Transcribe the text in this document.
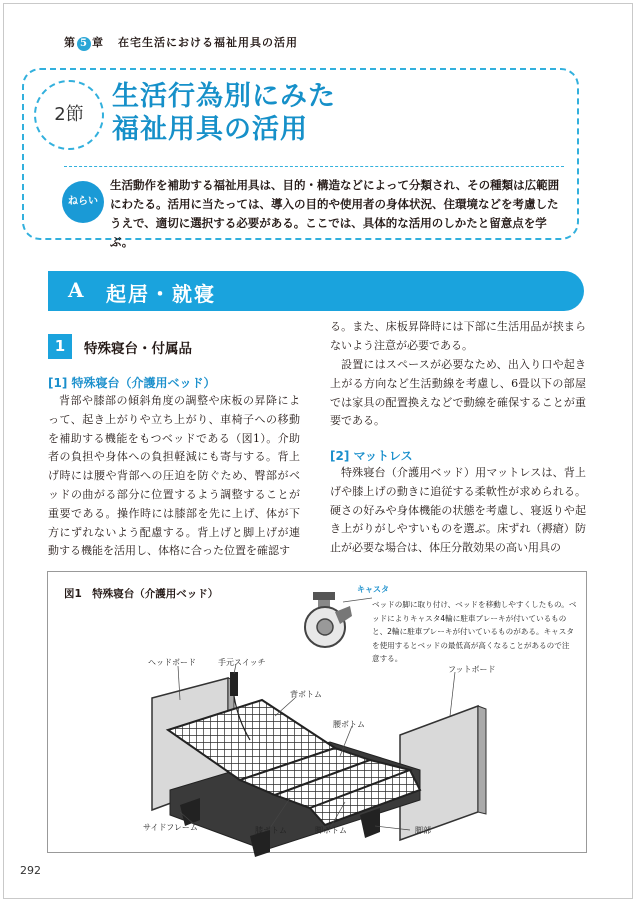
第 5 章 在宅生活における福祉用具の活用
2節
生活行為別にみた
福祉用具の活用
ねらい
生活動作を補助する福祉用具は、目的・構造などによって分類され、その種類は広範囲にわたる。活用に当たっては、導入の目的や使用者の身体状況、住環境などを考慮したうえで、適切に選択する必要がある。ここでは、具体的な活用のしかたと留意点を学ぶ。
A 起居・就寝
1	特殊寝台・付属品
[1] 特殊寝台（介護用ベッド）
背部や膝部の傾斜角度の調整や床板の昇降によって、起き上がりや立ち上がり、車椅子への移動を補助する機能をもつベッドである（図1）。介助者の負担や身体への負担軽減にも寄与する。背上げ時には腰や背部への圧迫を防ぐため、臀部がベッドの曲がる部分に位置するよう調整することが重要である。操作時には膝部を先に上げ、体が下方にずれないよう配慮する。背上げと脚上げが連動する機能を活用し、体格に合った位置を確認す
る。また、床板昇降時には下部に生活用品が挟まらないよう注意が必要である。
設置にはスペースが必要なため、出入り口や起き上がる方向など生活動線を考慮し、6畳以下の部屋では家具の配置換えなどで動線を確保することが重要である。
[2] マットレス
特殊寝台（介護用ベッド）用マットレスは、背上げや膝上げの動きに追従する柔軟性が求められる。硬さの好みや身体機能の状態を考慮し、寝返りや起き上がりがしやすいものを選ぶ。床ずれ（褥瘡）防止が必要な場合は、体圧分散効果の高い用具の
図1　特殊寝台（介護用ベッド）	キャスタ
ベッドの脚に取り付け、ベッドを移動しやすくしたもの。ベッドによりキャスタ4輪に駐車ブレーキが付いているものと、2輪に駐車ブレーキが付いているものがある。キャスタを使用するとベッドの最低高が高くなることがあるので注意する。
ヘッドボード	手元スイッチ
背ボトム
腰ボトム
フットボード
サイドフレーム	膝ボトム	脚ボトム	脚部
292
